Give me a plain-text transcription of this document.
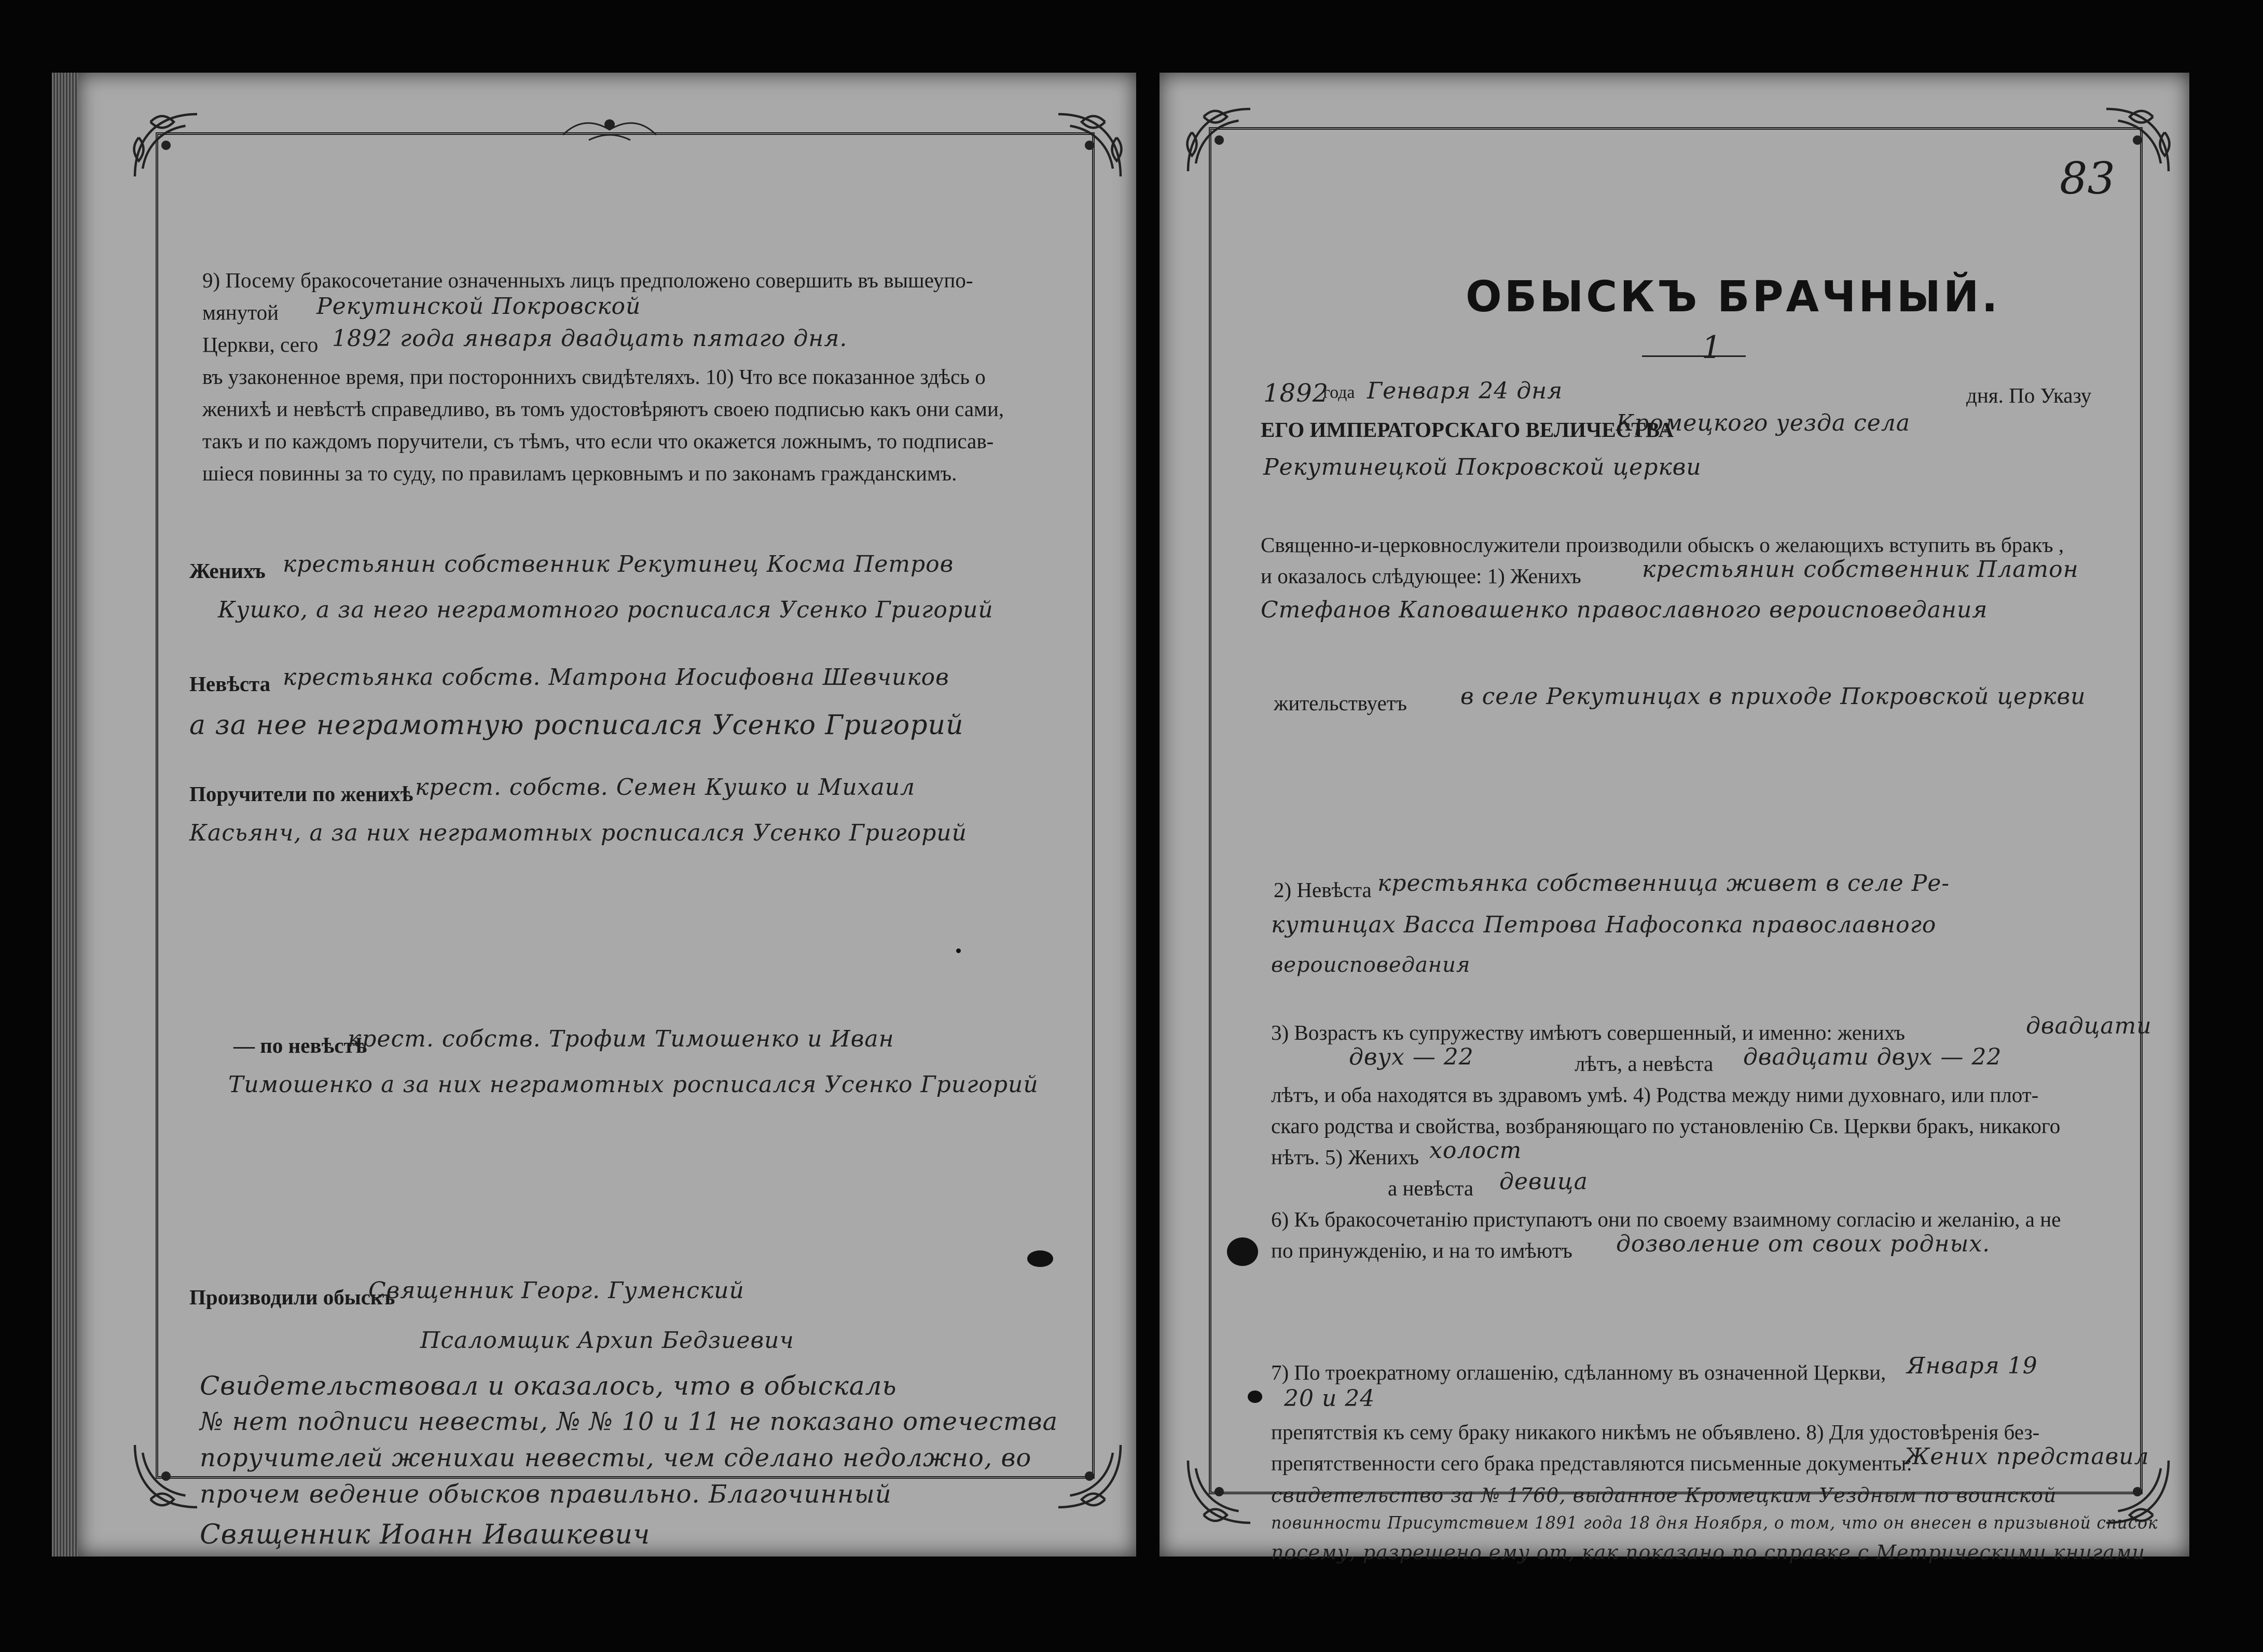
9) Посему бракосочетание означенныхъ лицъ предположено совершить въ вышеупо-
мянутой Рекутинской Покровской
Церкви, сего 1892 года января двадцать пятаго дня.
въ узаконенное время, при постороннихъ свидѣтеляхъ. 10) Что все показанное здѣсь о
женихѣ и невѣстѣ справедливо, въ томъ удостовѣряютъ своею подписью какъ они сами,
такъ и по каждомъ поручители, съ тѣмъ, что если что окажется ложнымъ, то подписав-
шіеся повинны за то суду, по правиламъ церковнымъ и по законамъ гражданскимъ.
Женихъ крестьянин собственник Рекутинец Косма Петров
Кушко, а за него неграмотного росписался Усенко Григорий
Невѣста крестьянка собств. Матрона Иосифовна Шевчиков
а за нее неграмотную росписался Усенко Григорий
Поручители по женихѣ крест. собств. Семен Кушко и Михаил
Касьянч, а за них неграмотных росписался Усенко Григорий
— по невѣстѣ
крест. собств. Трофим Тимошенко и Иван
Тимошенко а за них неграмотных росписался Усенко Григорий
Производили обыскъ
Священник Георг. Гуменский
Псаломщик Архип Бедзиевич
Свидетельствовал и оказалось, что в обыскаль
№ нет подписи невесты, № № 10 и 11 не показано отечества
поручителей женихаи невесты, чем сделано недолжно, во
прочем ведение обысков правильно. Благочинный
Священник Иоанн Ивашкевич
83
ОБЫСКЪ БРАЧНЫЙ.
1
1892
года Генваря 24 дня	дня. По Указу
ЕГО ИМПЕРАТОРСКАГО ВЕЛИЧЕСТВА
Кромецкого уезда села
Рекутинецкой Покровской церкви
Священно-и-церковнослужители производили обыскъ о желающихъ вступить въ бракъ ,
и оказалось слѣдующее: 1) Женихъ	крестьянин собственник Платон
Стефанов Каповашенко православного вероисповедания
жительствуетъ в селе Рекутинцах в приходе Покровской церкви
2) Невѣста крестьянка собственница живет в селе Ре-
кутинцах Васса Петрова Нафосопка православного
вероисповедания
3) Возрастъ къ супружеству имѣютъ совершенный, и именно: женихъ	двадцати
двух — 22	лѣтъ, а невѣста двадцати двух — 22
лѣтъ, и оба находятся въ здравомъ умѣ. 4) Родства между ними духовнаго, или плот-
скаго родства и свойства, возбраняющаго по установленію Св. Церкви бракъ, никакого
нѣтъ. 5) Женихъ холост
а невѣста девица
6) Къ бракосочетанію приступаютъ они по своему взаимному согласію и желанію, а не
по принужденію, и на то имѣютъ дозволение от своих родных.
7) По троекратному оглашенію, сдѣланному въ означенной Церкви, Января 19
20 и 24
препятствія къ сему браку никакого никѣмъ не объявлено. 8) Для удостовѣренія без-
препятственности сего брака представляются письменные документы:
Жених представил
свидетельство за № 1760, выданное Кромецким Уездным по воинской
повинности Присутствием 1891 года 18 дня Ноября, о том, что он внесен в призывной список
посему, разрешено ему от, как показано по справке с Метрическими книгами
